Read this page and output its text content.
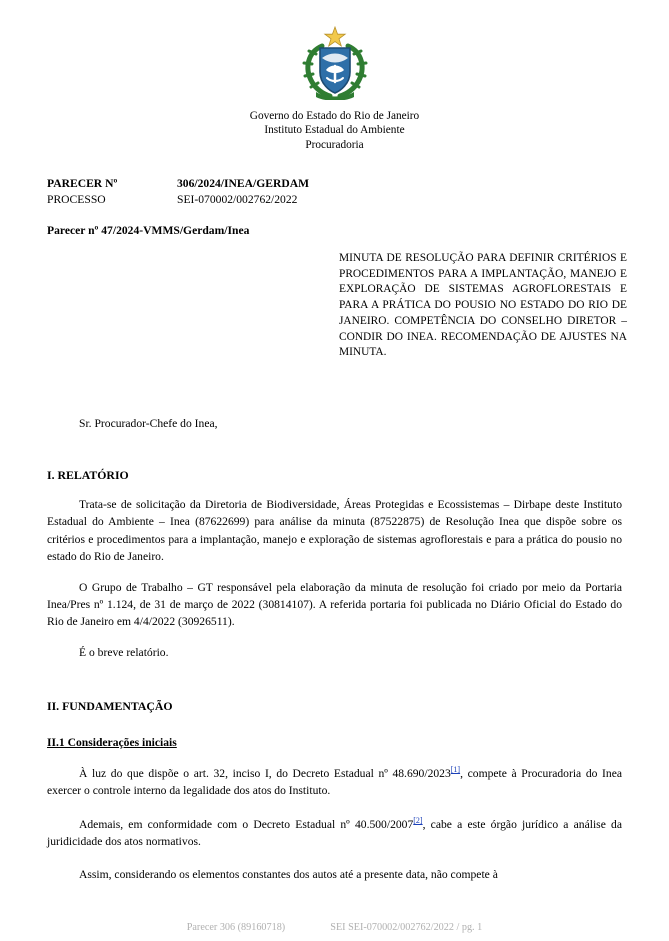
Governo do Estado do Rio de Janeiro
Instituto Estadual do Ambiente
Procuradoria
PARECER Nº	306/2024/INEA/GERDAM
PROCESSO	SEI-070002/002762/2022
Parecer nº 47/2024-VMMS/Gerdam/Inea
MINUTA DE RESOLUÇÃO PARA DEFINIR CRITÉRIOS E PROCEDIMENTOS PARA A IMPLANTAÇÃO, MANEJO E EXPLORAÇÃO DE SISTEMAS AGROFLORESTAIS E PARA A PRÁTICA DO POUSIO NO ESTADO DO RIO DE JANEIRO. COMPETÊNCIA DO CONSELHO DIRETOR – CONDIR DO INEA. RECOMENDAÇÃO DE AJUSTES NA MINUTA.
Sr. Procurador-Chefe do Inea,
I. RELATÓRIO

Trata-se de solicitação da Diretoria de Biodiversidade, Áreas Protegidas e Ecossistemas – Dirbape deste Instituto Estadual do Ambiente – Inea (87622699) para análise da minuta (87522875) de Resolução Inea que dispõe sobre os critérios e procedimentos para a implantação, manejo e exploração de sistemas agroflorestais e para a prática do pousio no estado do Rio de Janeiro.

O Grupo de Trabalho – GT responsável pela elaboração da minuta de resolução foi criado por meio da Portaria Inea/Pres nº 1.124, de 31 de março de 2022 (30814107). A referida portaria foi publicada no Diário Oficial do Estado do Rio de Janeiro em 4/4/2022 (30926511).

É o breve relatório.

II. FUNDAMENTAÇÃO
II.1 Considerações iniciais

À luz do que dispõe o art. 32, inciso I, do Decreto Estadual nº 48.690/2023[1], compete à Procuradoria do Inea exercer o controle interno da legalidade dos atos do Instituto.

Ademais, em conformidade com o Decreto Estadual nº 40.500/2007[2], cabe a este órgão jurídico a análise da juridicidade dos atos normativos.

Assim, considerando os elementos constantes dos autos até a presente data, não compete à

Parecer 306 (89160718)	SEI SEI-070002/002762/2022 / pg. 1
